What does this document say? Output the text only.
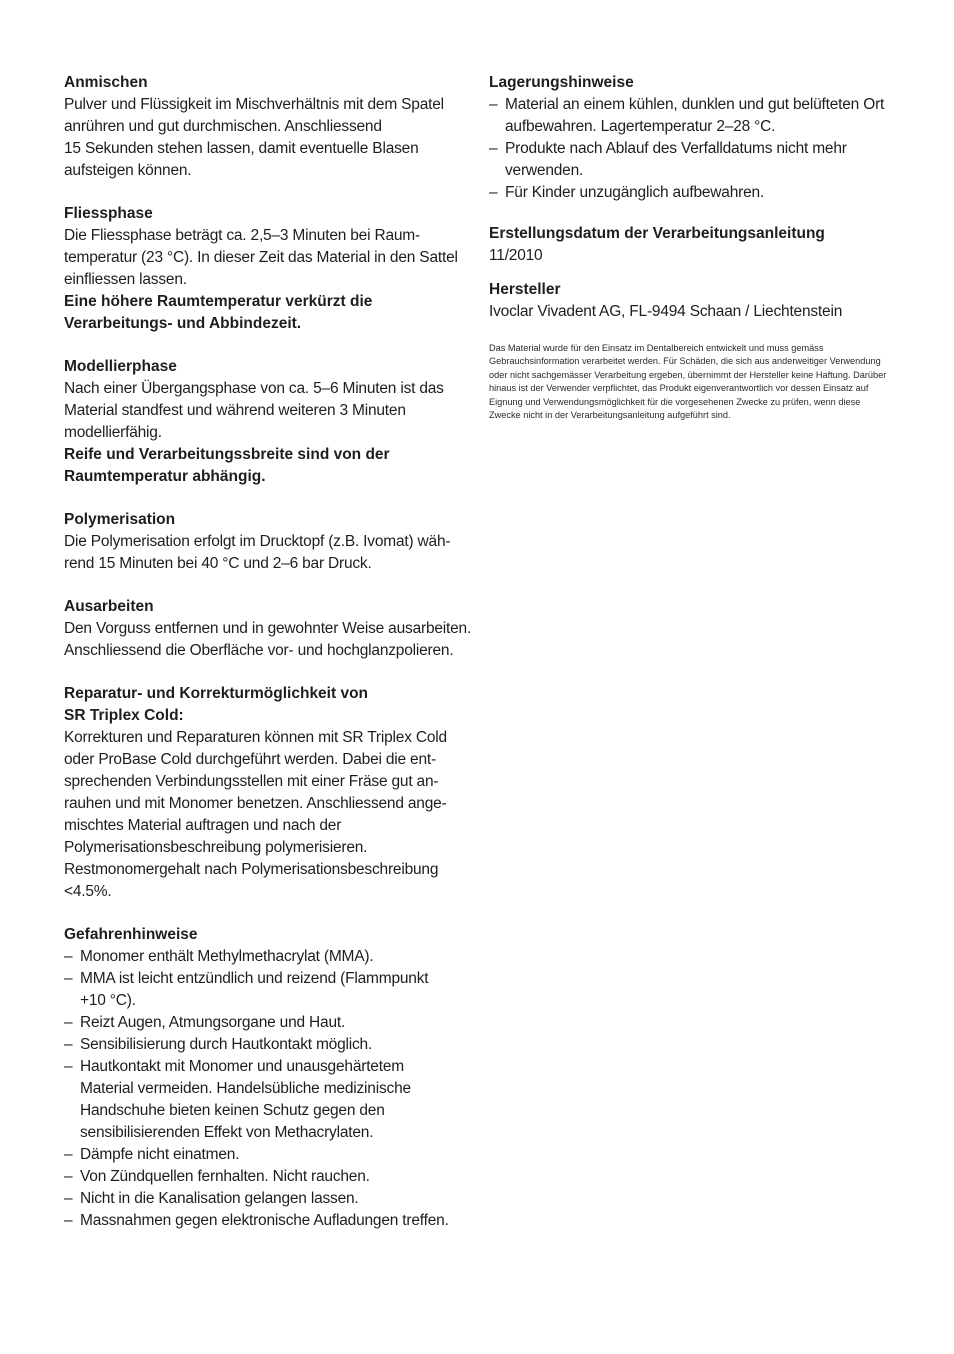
Anmischen

Pulver und Flüssigkeit im Mischverhältnis mit dem Spatel

anrühren und gut durchmischen. Anschliessend

15 Sekunden stehen lassen, damit eventuelle Blasen

aufsteigen können.

Fliessphase

Die Fliessphase beträgt ca. 2,5–3 Minuten bei Raum-

temperatur (23 °C). In dieser Zeit das Material in den Sattel

einfliessen lassen.

Eine höhere Raumtemperatur verkürzt die

Verarbeitungs- und Abbindezeit.

Modellierphase

Nach einer Übergangsphase von ca. 5–6 Minuten ist das

Material standfest und während weiteren 3 Minuten

modellierfähig.

Reife und Verarbeitungssbreite sind von der

Raumtemperatur abhängig.

Polymerisation

Die Polymerisation erfolgt im Drucktopf (z.B. Ivomat) wäh-

rend 15 Minuten bei 40 °C und 2–6 bar Druck.

Ausarbeiten

Den Vorguss entfernen und in gewohnter Weise ausarbeiten.

Anschliessend die Oberfläche vor- und hochglanzpolieren.

Reparatur- und Korrekturmöglichkeit von

SR Triplex Cold:

Korrekturen und Reparaturen können mit SR Triplex Cold

oder ProBase Cold durchgeführt werden. Dabei die ent-

sprechenden Verbindungsstellen mit einer Fräse gut an-

rauhen und mit Monomer benetzen. Anschliessend ange-

mischtes Material auftragen und nach der

Polymerisationsbeschreibung polymerisieren.

Restmonomergehalt nach Polymerisationsbeschreibung

<4.5%.

Gefahrenhinweise

– Monomer enthält Methylmethacrylat (MMA).
– MMA ist leicht entzündlich und reizend (Flammpunkt
+10 °C).
– Reizt Augen, Atmungsorgane und Haut.
– Sensibilisierung durch Hautkontakt möglich.
– Hautkontakt mit Monomer und unausgehärtetem
Material vermeiden. Handelsübliche medizinische
Handschuhe bieten keinen Schutz gegen den
sensibilisierenden Effekt von Methacrylaten.
– Dämpfe nicht einatmen.
– Von Zündquellen fernhalten. Nicht rauchen.
– Nicht in die Kanalisation gelangen lassen.
– Massnahmen gegen elektronische Aufladungen treffen.

Lagerungshinweise

– Material an einem kühlen, dunklen und gut belüfteten Ort
aufbewahren. Lagertemperatur 2–28 °C.
– Produkte nach Ablauf des Verfalldatums nicht mehr
verwenden.
– Für Kinder unzugänglich aufbewahren.

Erstellungsdatum der Verarbeitungsanleitung

11/2010

Hersteller

Ivoclar Vivadent AG, FL-9494 Schaan / Liechtenstein

Das Material wurde für den Einsatz im Dentalbereich entwickelt und muss gemäss

Gebrauchsinformation verarbeitet werden. Für Schäden, die sich aus anderweitiger Verwendung

oder nicht sachgemässer Verarbeitung ergeben, übernimmt der Hersteller keine Haftung. Darüber

hinaus ist der Verwender verpflichtet, das Produkt eigenverantwortlich vor dessen Einsatz auf

Eignung und Verwendungsmöglichkeit für die vorgesehenen Zwecke zu prüfen, wenn diese

Zwecke nicht in der Verarbeitungsanleitung aufgeführt sind.
